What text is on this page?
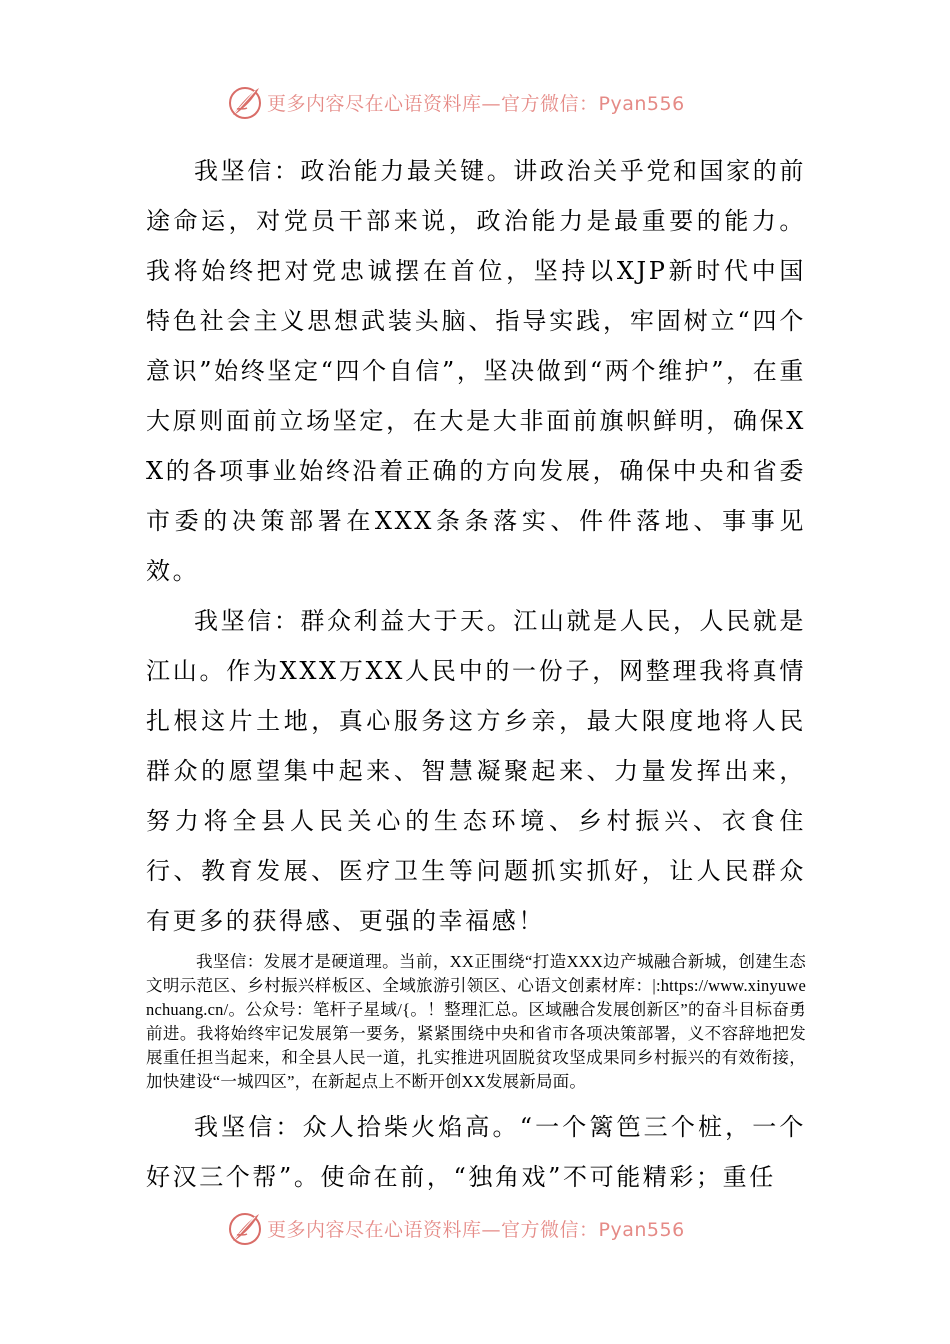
更多内容尽在心语资料库—官方微信：Pyan556

我坚信：政治能力最关键。讲政治关乎党和国家的前途命运，对党员干部来说，政治能力是最重要的能力。我将始终把对党忠诚摆在首位，坚持以XJP新时代中国特色社会主义思想武装头脑、指导实践，牢固树立“四个意识”始终坚定“四个自信”，坚决做到“两个维护”，在重大原则面前立场坚定，在大是大非面前旗帜鲜明，确保XX的各项事业始终沿着正确的方向发展，确保中央和省委市委的决策部署在XXX条条落实、件件落地、事事见效。

我坚信：群众利益大于天。江山就是人民，人民就是江山。作为XXX万XX人民中的一份子，网整理我将真情扎根这片土地，真心服务这方乡亲，最大限度地将人民群众的愿望集中起来、智慧凝聚起来、力量发挥出来，努力将全县人民关心的生态环境、乡村振兴、衣食住行、教育发展、医疗卫生等问题抓实抓好，让人民群众有更多的获得感、更强的幸福感！

我坚信：发展才是硬道理。当前，XX正围绕“打造XXX边产城融合新城，创建生态文明示范区、乡村振兴样板区、全域旅游引领区、心语文创素材库：|:https://www.xinyuwenchuang.cn/。公众号：笔杆子星域/{。！整理汇总。区域融合发展创新区”的奋斗目标奋勇前进。我将始终牢记发展第一要务，紧紧围绕中央和省市各项决策部署，义不容辞地把发展重任担当起来，和全县人民一道，扎实推进巩固脱贫攻坚成果同乡村振兴的有效衔接，加快建设“一城四区”，在新起点上不断开创XX发展新局面。

我坚信：众人拾柴火焰高。“一个篱笆三个桩，一个好汉三个帮”。使命在前，“独角戏”不可能精彩；重任

更多内容尽在心语资料库—官方微信：Pyan556
